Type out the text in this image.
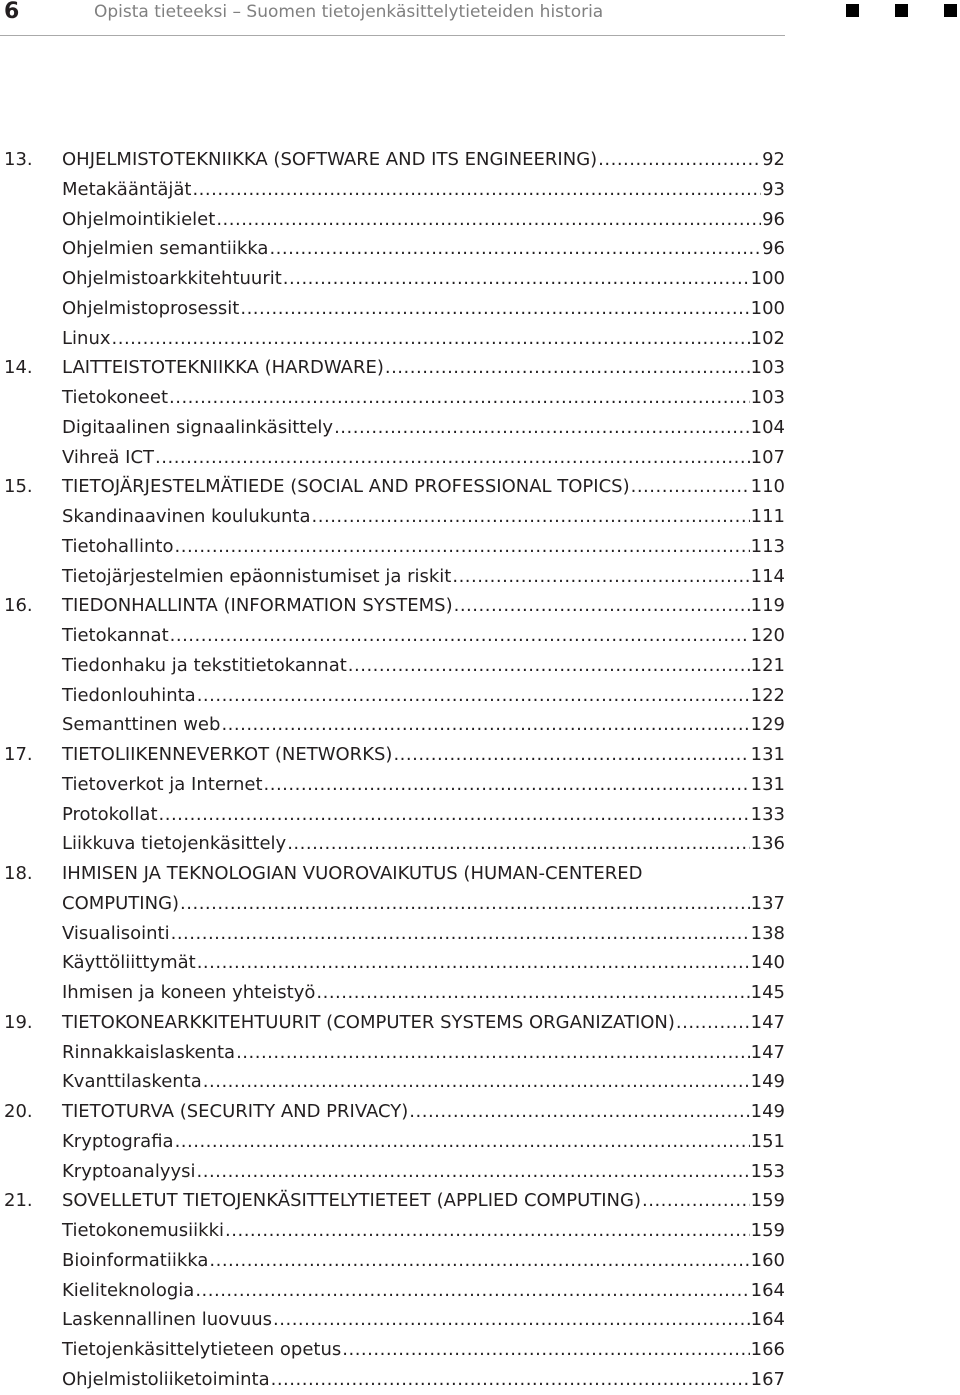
6	Opista tieteeksi – Suomen tietojenkäsittelytieteiden historia
13. OHJELMISTOTEKNIIKKA (SOFTWARE AND ITS ENGINEERING) .....	92
Metakääntäjät .....	93
Ohjelmointikielet .....	96
Ohjelmien semantiikka .....	96
Ohjelmistoarkkitehtuurit .....	100
Ohjelmistoprosessit .....	100
Linux .....	102
14. LAITTEISTOTEKNIIKKA (HARDWARE) .....	103
Tietokoneet .....	103
Digitaalinen signaalinkäsittely .....	104
Vihreä ICT .....	107
15. TIETOJÄRJESTELMÄTIEDE (SOCIAL AND PROFESSIONAL TOPICS) .....	110
Skandinaavinen koulukunta .....	111
Tietohallinto .....	113
Tietojärjestelmien epäonnistumiset ja riskit .....	114
16. TIEDONHALLINTA (INFORMATION SYSTEMS) .....	119
Tietokannat .....	120
Tiedonhaku ja tekstitietokannat .....	121
Tiedonlouhinta .....	122
Semanttinen web .....	129
17. TIETOLIIKENNEVERKOT (NETWORKS) .....	131
Tietoverkot ja Internet .....	131
Protokollat .....	133
Liikkuva tietojenkäsittely .....	136
18. IHMISEN JA TEKNOLOGIAN VUOROVAIKUTUS (HUMAN-CENTERED
COMPUTING) .....	137
Visualisointi .....	138
Käyttöliittymät .....	140
Ihmisen ja koneen yhteistyö .....	145
19. TIETOKONEARKKITEHTUURIT (COMPUTER SYSTEMS ORGANIZATION) .....	147
Rinnakkaislaskenta .....	147
Kvanttilaskenta .....	149
20. TIETOTURVA (SECURITY AND PRIVACY) .....	149
Kryptografia .....	151
Kryptoanalyysi .....	153
21. SOVELLETUT TIETOJENKÄSITTELYTIETEET (APPLIED COMPUTING) .....	159
Tietokonemusiikki .....	159
Bioinformatiikka .....	160
Kieliteknologia .....	164
Laskennallinen luovuus .....	164
Tietojenkäsittelytieteen opetus .....	166
Ohjelmistoliiketoiminta .....	167
